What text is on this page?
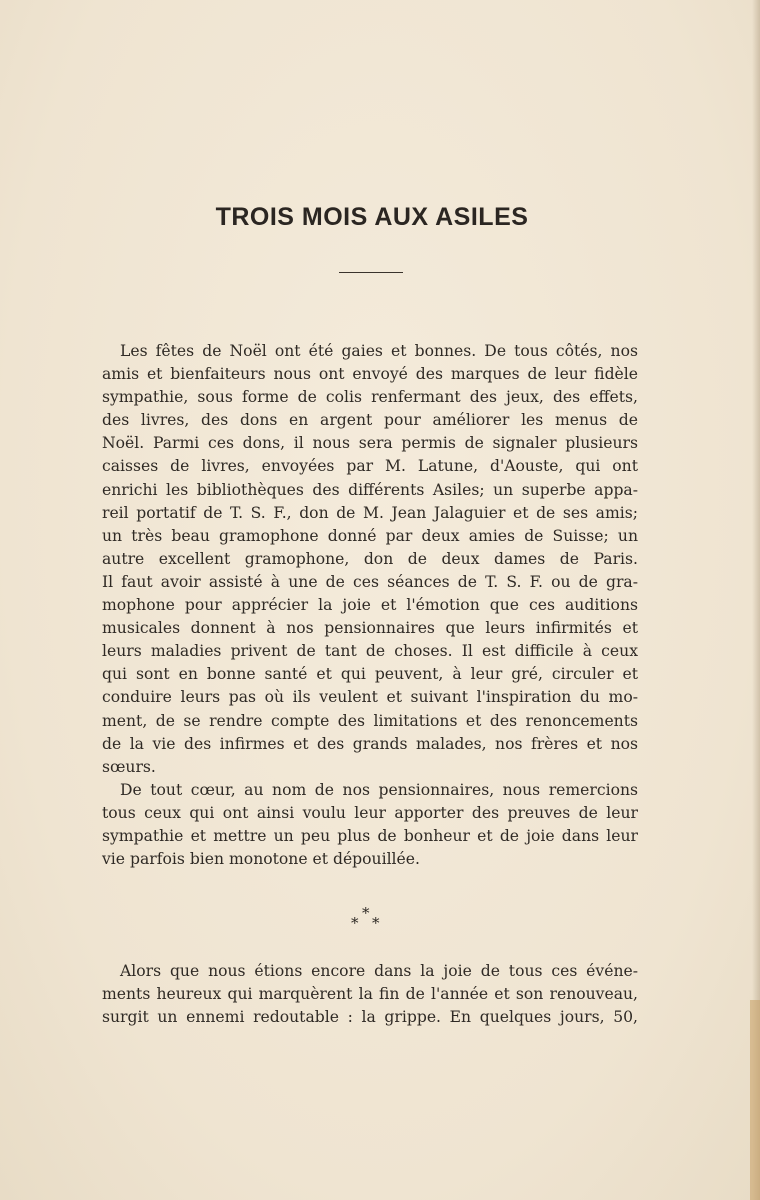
TROIS MOIS AUX ASILES
Les fêtes de Noël ont été gaies et bonnes. De tous côtés, nos
amis et bienfaiteurs nous ont envoyé des marques de leur fidèle
sympathie, sous forme de colis renfermant des jeux, des effets,
des livres, des dons en argent pour améliorer les menus de
Noël. Parmi ces dons, il nous sera permis de signaler plusieurs
caisses de livres, envoyées par M. Latune, d'Aouste, qui ont
enrichi les bibliothèques des différents Asiles; un superbe appa-
reil portatif de T. S. F., don de M. Jean Jalaguier et de ses amis;
un très beau gramophone donné par deux amies de Suisse; un
autre excellent gramophone, don de deux dames de Paris.
Il faut avoir assisté à une de ces séances de T. S. F. ou de gra-
mophone pour apprécier la joie et l'émotion que ces auditions
musicales donnent à nos pensionnaires que leurs infirmités et
leurs maladies privent de tant de choses. Il est difficile à ceux
qui sont en bonne santé et qui peuvent, à leur gré, circuler et
conduire leurs pas où ils veulent et suivant l'inspiration du mo-
ment, de se rendre compte des limitations et des renoncements
de la vie des infirmes et des grands malades, nos frères et nos
sœurs.
De tout cœur, au nom de nos pensionnaires, nous remercions
tous ceux qui ont ainsi voulu leur apporter des preuves de leur
sympathie et mettre un peu plus de bonheur et de joie dans leur
vie parfois bien monotone et dépouillée.
*
* *
Alors que nous étions encore dans la joie de tous ces événe-
ments heureux qui marquèrent la fin de l'année et son renouveau,
surgit un ennemi redoutable : la grippe. En quelques jours, 50,
